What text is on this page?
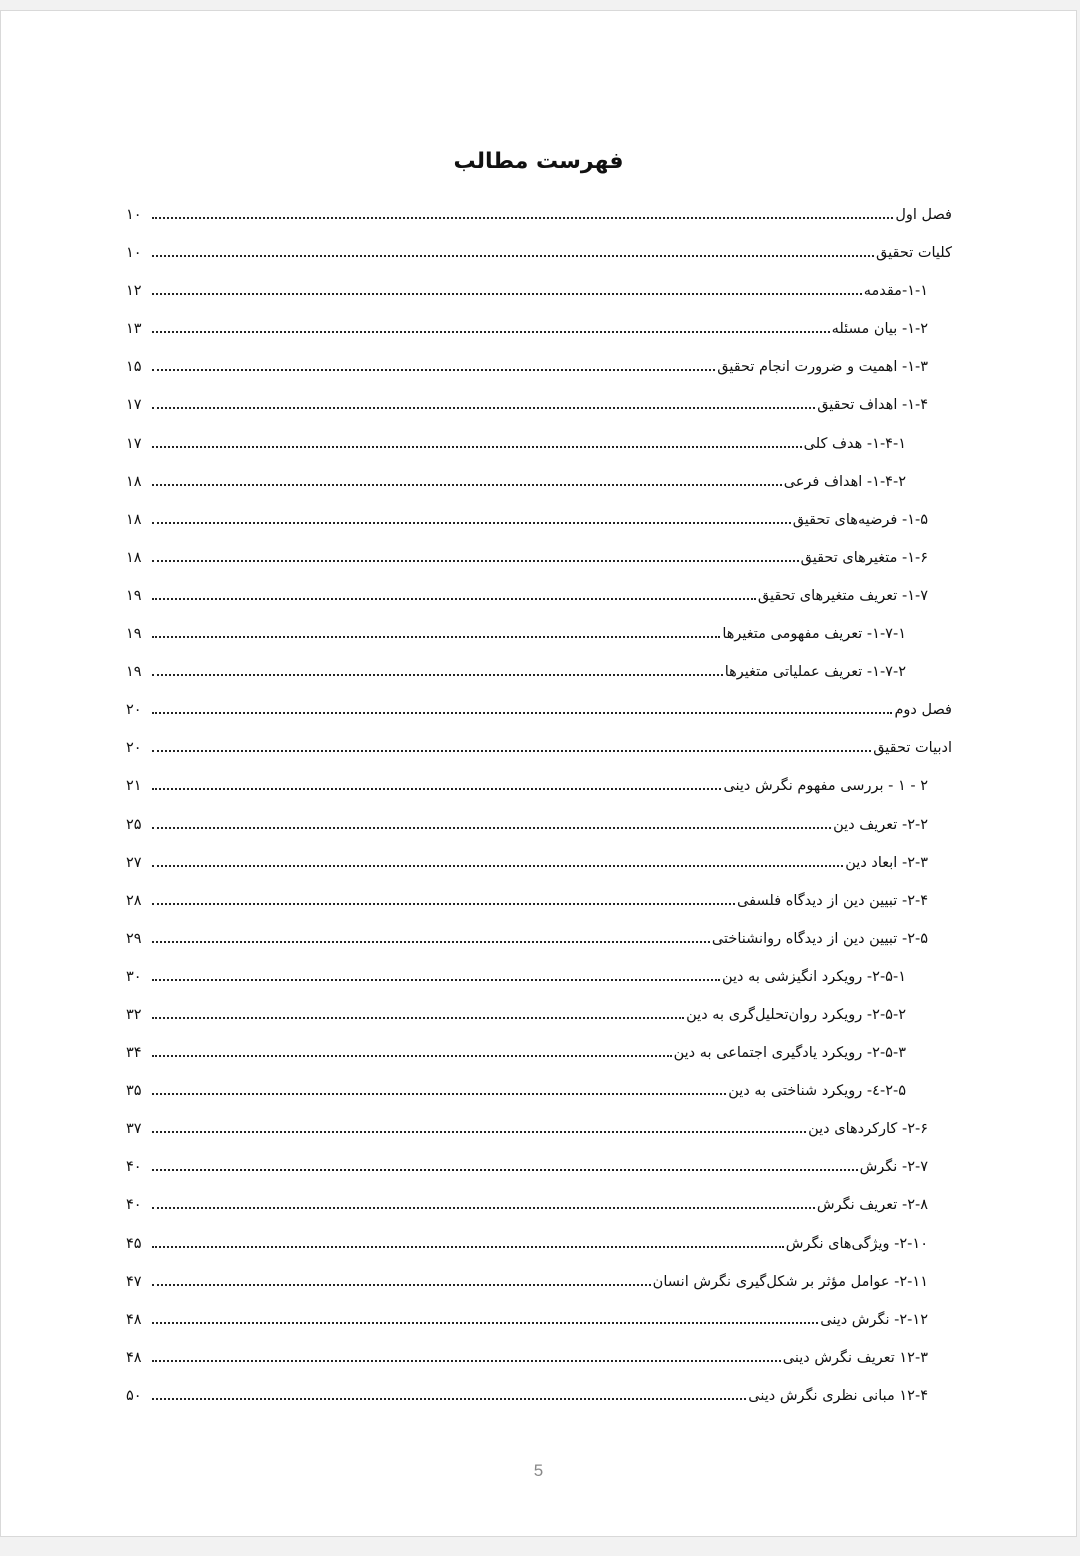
فهرست مطالب
فصل اول
۱۰
کلیات تحقیق
۱۰
۱-۱-مقدمه
۱۲
۱-۲- بیان مسئله
۱۳
۱-۳- اهمیت و ضرورت انجام تحقیق
۱۵
۱-۴- اهداف تحقیق
۱۷
۱-۴-۱- هدف کلی
۱۷
۱-۴-۲- اهداف فرعی
۱۸
۱-۵- فرضیه‌های تحقیق
۱۸
۱-۶- متغیرهای تحقیق
۱۸
۱-۷- تعریف متغیرهای تحقیق
۱۹
۱-۷-۱- تعریف مفهومی متغیرها
۱۹
۱-۷-۲- تعریف عملیاتی متغیرها
۱۹
فصل دوم
۲۰
ادبیات تحقیق
۲۰
۲ - ۱ - بررسی مفهوم نگرش دینی
۲۱
۲-۲- تعریف دین
۲۵
۲-۳- ابعاد دین
۲۷
۲-۴- تبیین دین از دیدگاه فلسفی
۲۸
۲-۵- تبیین دین از دیدگاه روانشناختی
۲۹
۲-۵-۱- رویکرد انگیزشی به دین
۳۰
۲-۵-۲- رویکرد روان‌تحلیل‌گری به دین
۳۲
۲-۵-۳- رویکرد یادگیری اجتماعی به دین
۳۴
۲-۵-٤- رویکرد شناختی به دین
۳۵
۲-۶- کارکردهای دین
۳۷
۲-۷- نگرش
۴۰
۲-۸- تعریف نگرش
۴۰
۲-۱۰- ویژگی‌های نگرش
۴۵
۲-۱۱- عوامل مؤثر بر شکل‌گیری نگرش انسان
۴۷
۲-۱۲- نگرش دینی
۴۸
۱۲-۳ تعریف نگرش دینی
۴۸
۱۲-۴ مبانی نظری نگرش دینی
۵۰
5
